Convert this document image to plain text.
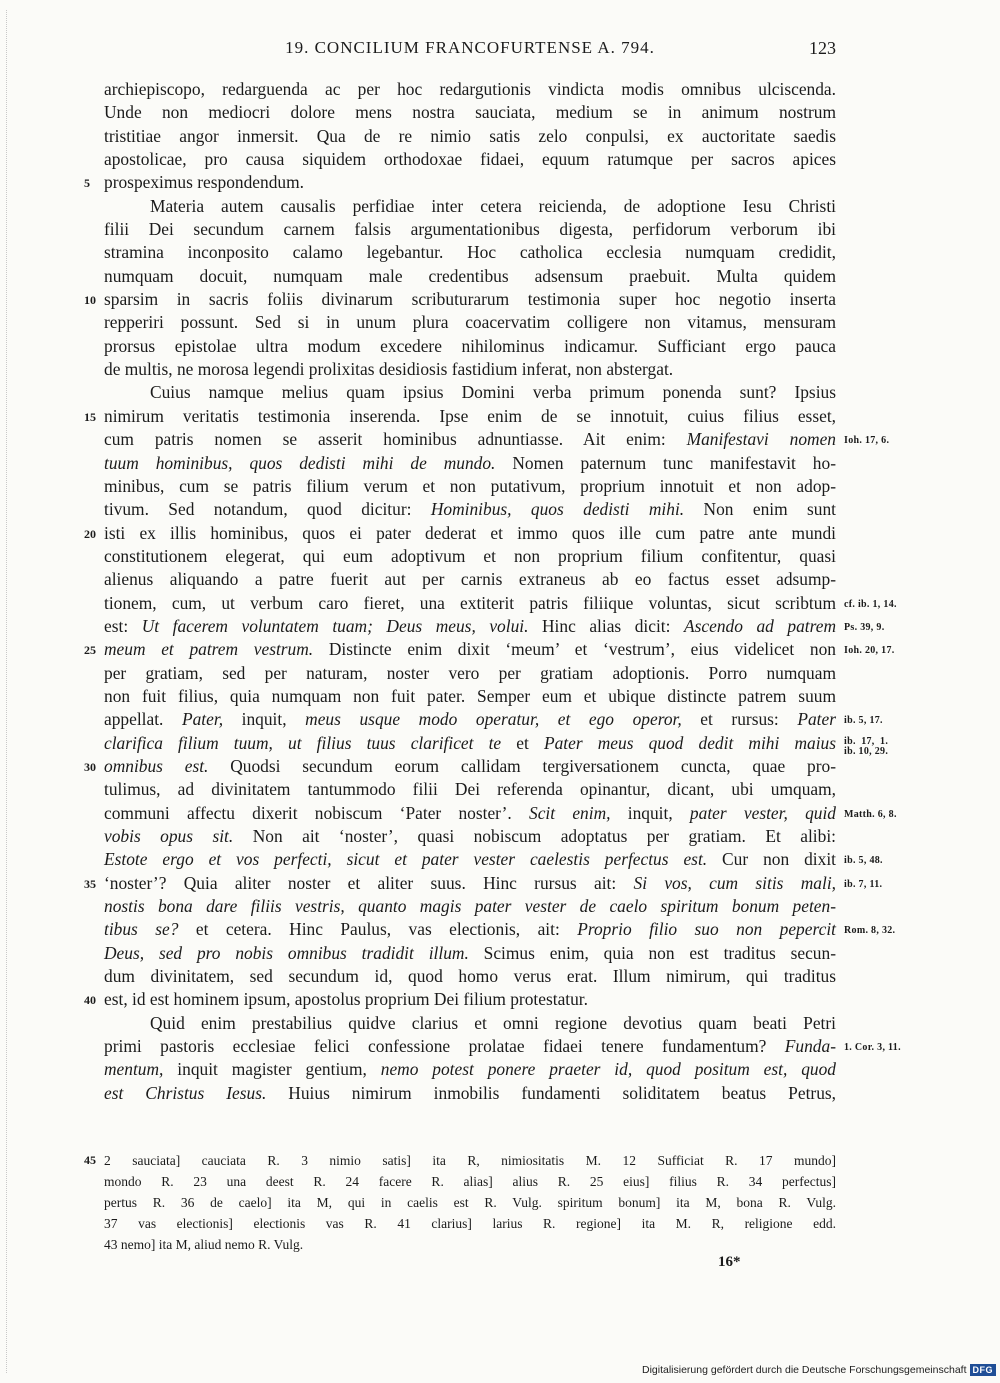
19. CONCILIUM FRANCOFURTENSE A. 794.	123
archiepiscopo, redarguenda ac per hoc redargutionis vindicta modis omnibus ulciscenda.
Unde non mediocri dolore mens nostra sauciata, medium se in animum nostrum
tristitiae angor inmersit. Qua de re nimio satis zelo conpulsi, ex auctoritate saedis
apostolicae, pro causa siquidem orthodoxae fidaei, equum ratumque per sacros apices
5 prospeximus respondendum.
Materia autem causalis perfidiae inter cetera reicienda, de adoptione Iesu Christi
filii Dei secundum carnem falsis argumentationibus digesta, perfidorum verborum ibi
stramina inconposito calamo legebantur. Hoc catholica ecclesia numquam credidit,
numquam docuit, numquam male credentibus adsensum praebuit. Multa quidem
10 sparsim in sacris foliis divinarum scributurarum testimonia super hoc negotio inserta
repperiri possunt. Sed si in unum plura coacervatim colligere non vitamus, mensuram
prorsus epistolae ultra modum excedere nihilominus indicamur. Sufficiant ergo pauca
de multis, ne morosa legendi prolixitas desidiosis fastidium inferat, non abstergat.
Cuius namque melius quam ipsius Domini verba primum ponenda sunt? Ipsius
15 nimirum veritatis testimonia inserenda. Ipse enim de se innotuit, cuius filius esset,
cum patris nomen se asserit hominibus adnuntiasse. Ait enim: Manifestavi nomen Ioh. 17, 6.
tuum hominibus, quos dedisti mihi de mundo. Nomen paternum tunc manifestavit ho-
minibus, cum se patris filium verum et non putativum, proprium innotuit et non adop-
tivum. Sed notandum, quod dicitur: Hominibus, quos dedisti mihi. Non enim sunt
20 isti ex illis hominibus, quos ei pater dederat et immo quos ille cum patre ante mundi
constitutionem elegerat, qui eum adoptivum et non proprium filium confitentur, quasi
alienus aliquando a patre fuerit aut per carnis extraneus ab eo factus esset adsump-
tionem, cum, ut verbum caro fieret, una extiterit patris filiique voluntas, sicut scribtum cf. ib. 1, 14.
est: Ut facerem voluntatem tuam; Deus meus, volui. Hinc alias dicit: Ascendo ad patrem Ps. 39, 9.
25 meum et patrem vestrum. Distincte enim dixit ‘meum’ et ‘vestrum’, eius videlicet non Ioh. 20, 17.
per gratiam, sed per naturam, noster vero per gratiam adoptionis. Porro numquam
non fuit filius, quia numquam non fuit pater. Semper eum et ubique distincte patrem suum
appellat. Pater, inquit, meus usque modo operatur, et ego operor, et rursus: Pater ib. 5, 17.
clarifica filium tuum, ut filius tuus clarificet te et Pater meus quod dedit mihi maius ib. 17, 1.
ib. 10, 29.
30 omnibus est. Quodsi secundum eorum callidam tergiversationem cuncta, quae pro-
tulimus, ad divinitatem tantummodo filii Dei referenda opinantur, dicant, ubi umquam,
communi affectu dixerit nobiscum ‘Pater noster’. Scit enim, inquit, pater vester, quid Matth. 6, 8.
vobis opus sit. Non ait ‘noster’, quasi nobiscum adoptatus per gratiam. Et alibi:
Estote ergo et vos perfecti, sicut et pater vester caelestis perfectus est. Cur non dixit ib. 5, 48.
35 ‘noster’? Quia aliter noster et aliter suus. Hinc rursus ait: Si vos, cum sitis mali, ib. 7, 11.
nostis bona dare filiis vestris, quanto magis pater vester de caelo spiritum bonum peten-
tibus se? et cetera. Hinc Paulus, vas electionis, ait: Proprio filio suo non pepercit Rom. 8, 32.
Deus, sed pro nobis omnibus tradidit illum. Scimus enim, quia non est traditus secun-
dum divinitatem, sed secundum id, quod homo verus erat. Illum nimirum, qui traditus
40 est, id est hominem ipsum, apostolus proprium Dei filium protestatur.
Quid enim prestabilius quidve clarius et omni regione devotius quam beati Petri
primi pastoris ecclesiae felici confessione prolatae fidaei tenere fundamentum? Funda- 1. Cor. 3, 11.
mentum, inquit magister gentium, nemo potest ponere praeter id, quod positum est, quod
est Christus Iesus. Huius nimirum inmobilis fundamenti soliditatem beatus Petrus,
45 2 sauciata] cauciata R. 3 nimio satis] ita R, nimiositatis M. 12 Sufficiat R. 17 mundo]
mondo R. 23 una deest R. 24 facere R. alias] alius R. 25 eius] filius R. 34 perfectus]
pertus R. 36 de caelo] ita M, qui in caelis est R. Vulg. spiritum bonum] ita M, bona R. Vulg.
37 vas electionis] electionis vas R. 41 clarius] larius R. regione] ita M. R, religione edd.
43 nemo] ita M, aliud nemo R. Vulg.
16*
Digitalisierung gefördert durch die Deutsche Forschungsgemeinschaft DFG
